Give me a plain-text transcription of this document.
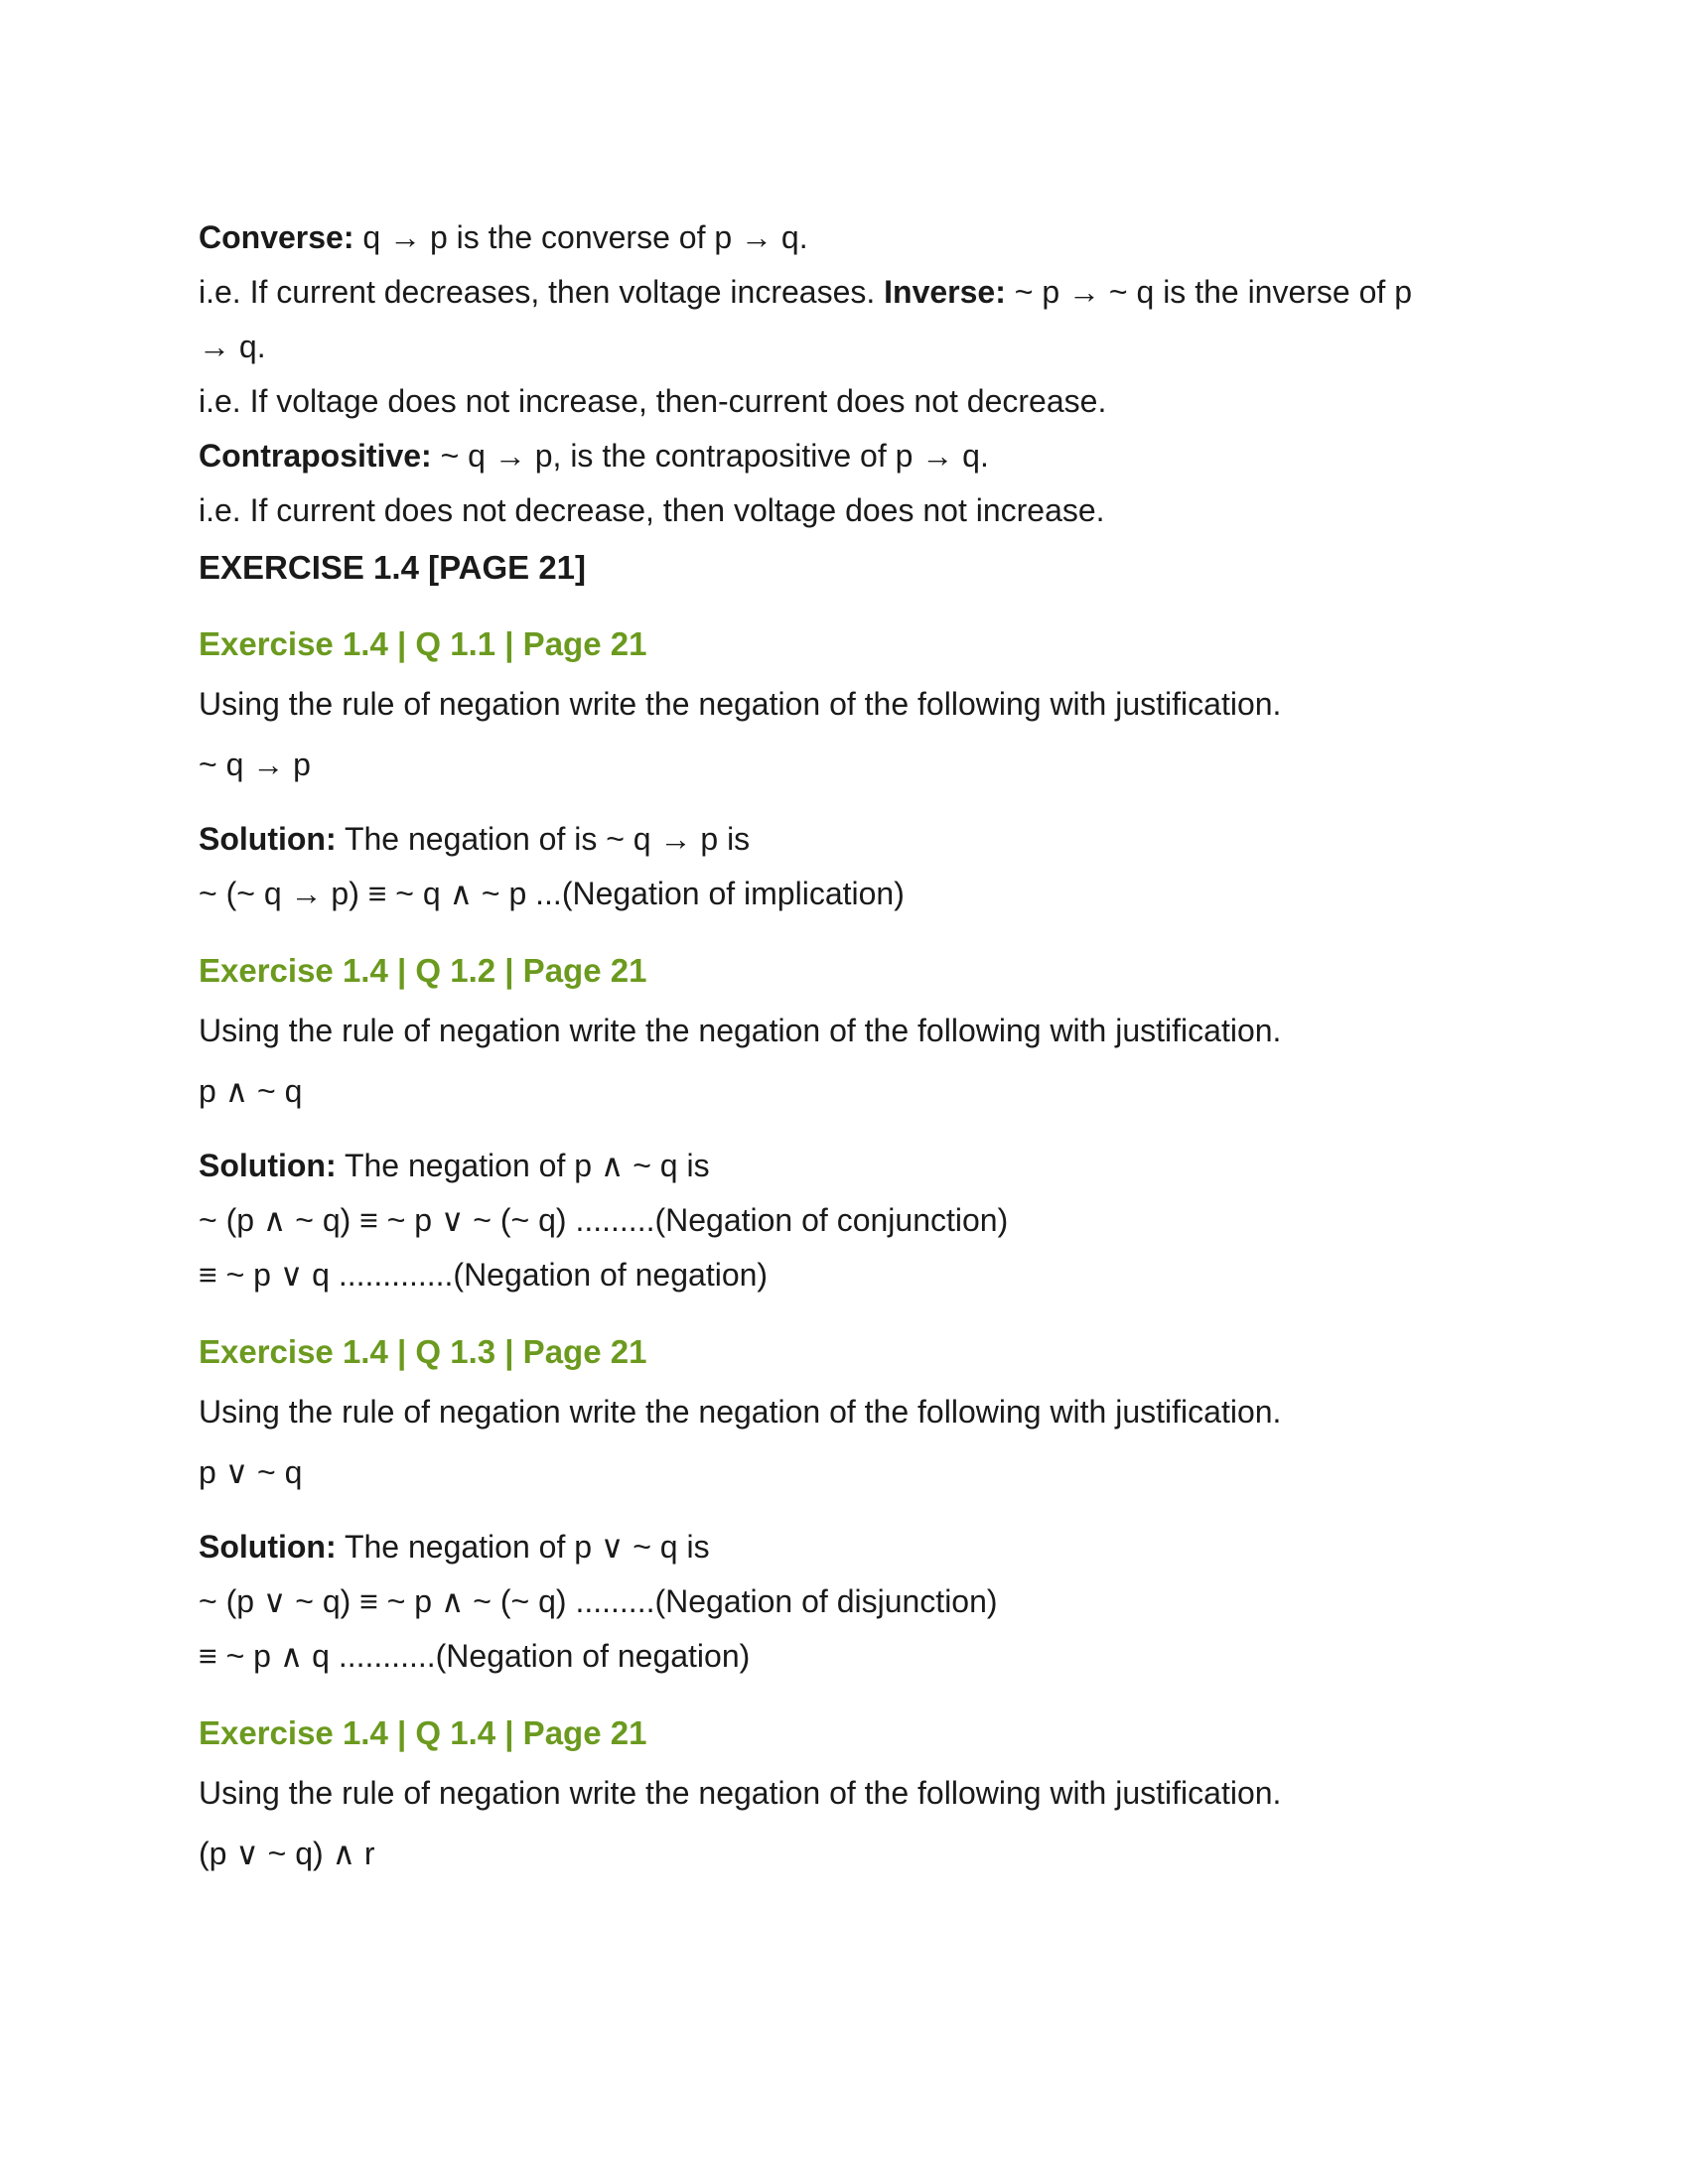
Converse: q → p is the converse of p → q.
i.e. If current decreases, then voltage increases. Inverse: ~ p → ~ q is the inverse of p
→ q.
i.e. If voltage does not increase, then-current does not decrease.
Contrapositive: ~ q → p, is the contrapositive of p → q.
i.e. If current does not decrease, then voltage does not increase.
EXERCISE 1.4 [PAGE 21]
Exercise 1.4 | Q 1.1 | Page 21
Using the rule of negation write the negation of the following with justification.
~ q → p
Solution: The negation of is ~ q → p is
~ (~ q → p) ≡ ~ q ∧ ~ p ...(Negation of implication)
Exercise 1.4 | Q 1.2 | Page 21
Using the rule of negation write the negation of the following with justification.
p ∧ ~ q
Solution: The negation of p ∧ ~ q is
~ (p ∧ ~ q) ≡ ~ p ∨ ~ (~ q) .........(Negation of conjunction)
≡ ~ p ∨ q .............(Negation of negation)
Exercise 1.4 | Q 1.3 | Page 21
Using the rule of negation write the negation of the following with justification.
p ∨ ~ q
Solution: The negation of p ∨ ~ q is
~ (p ∨ ~ q) ≡ ~ p ∧ ~ (~ q) .........(Negation of disjunction)
≡ ~ p ∧ q ...........(Negation of negation)
Exercise 1.4 | Q 1.4 | Page 21
Using the rule of negation write the negation of the following with justification.
(p ∨ ~ q) ∧ r
